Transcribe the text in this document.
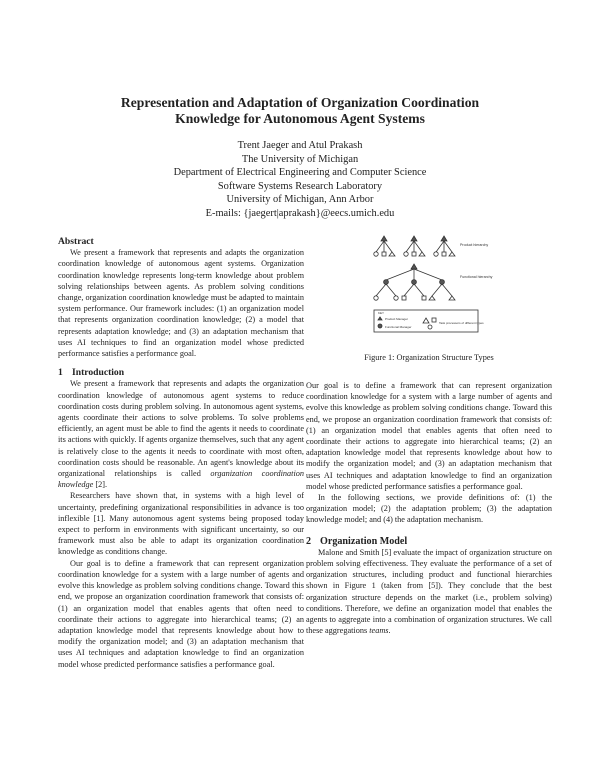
Representation and Adaptation of Organization Coordination
Knowledge for Autonomous Agent Systems
Trent Jaeger and Atul Prakash
The University of Michigan
Department of Electrical Engineering and Computer Science
Software Systems Research Laboratory
University of Michigan, Ann Arbor
E-mails: {jaegert|aprakash}@eecs.umich.edu
Abstract

We present a framework that represents and adapts the organization coordination knowledge of autonomous agent systems. Organization coordination knowledge represents long-term knowledge about problem solving relationships between agents. As problem solving conditions change, organization coordination knowledge must be adapted to maintain system performance. Our framework includes: (1) an organization model that represents organization coordination knowledge; (2) a model that represents adaptation knowledge; and (3) an adaptation mechanism that uses AI techniques to find an organization model whose predicted performance satisfies a performance goal.

1 Introduction

We present a framework that represents and adapts the organization coordination knowledge of autonomous agent systems to reduce coordination costs during problem solving. In autonomous agent systems, agents coordinate their actions to solve problems. To solve problems efficiently, an agent must be able to find the agents it needs to coordinate its actions with quickly. If agents organize themselves, such that any agent is relatively close to the agents it needs to coordinate with most often, coordination costs should be reasonable. An agent's knowledge about its organizational relationships is called organization coordination knowledge [2].

Researchers have shown that, in systems with a high level of uncertainty, predefining organizational responsibilities in advance is too inflexible [1]. Many autonomous agent systems being proposed today expect to perform in environments with significant uncertainty, so our framework must also be able to adapt its organization coordination knowledge as conditions change.

Our goal is to define a framework that can represent organization coordination knowledge for a system with a large number of agents and evolve this knowledge as problem solving conditions change. Toward this end, we propose an organization coordination framework that consists of: (1) an organization model that enables agents that often need to coordinate their actions to aggregate into hierarchical teams; (2) an adaptation knowledge model that represents knowledge about how to modify the organization model; and (3) an adaptation mechanism that uses AI techniques and adaptation knowledge to find an organization model whose predicted performance satisfies a performance goal.

Product hierarchy
Functional hierarchy
KEY
Product Manager
Functional Manager
Task processors of different types
Figure 1: Organization Structure Types

Our goal is to define a framework that can represent organization coordination knowledge for a system with a large number of agents and evolve this knowledge as problem solving conditions change. Toward this end, we propose an organization coordination framework that consists of: (1) an organization model that enables agents that often need to coordinate their actions to aggregate into hierarchical teams; (2) an adaptation knowledge model that represents knowledge about how to modify the organization model; and (3) an adaptation mechanism that uses AI techniques and adaptation knowledge to find an organization model whose predicted performance satisfies a performance goal.

In the following sections, we provide definitions of: (1) the organization model; (2) the adaptation problem; (3) the adaptation knowledge model; and (4) the adaptation mechanism.

2 Organization Model

Malone and Smith [5] evaluate the impact of organization structure on problem solving effectiveness. They evaluate the performance of a set of organization structures, including product and functional hierarchies shown in Figure 1 (taken from [5]). They conclude that the best organization structure depends on the market (i.e., problem solving) conditions. Therefore, we define an organization model that enables the agents to aggregate into a combination of organization structures. We call these aggregations teams.
